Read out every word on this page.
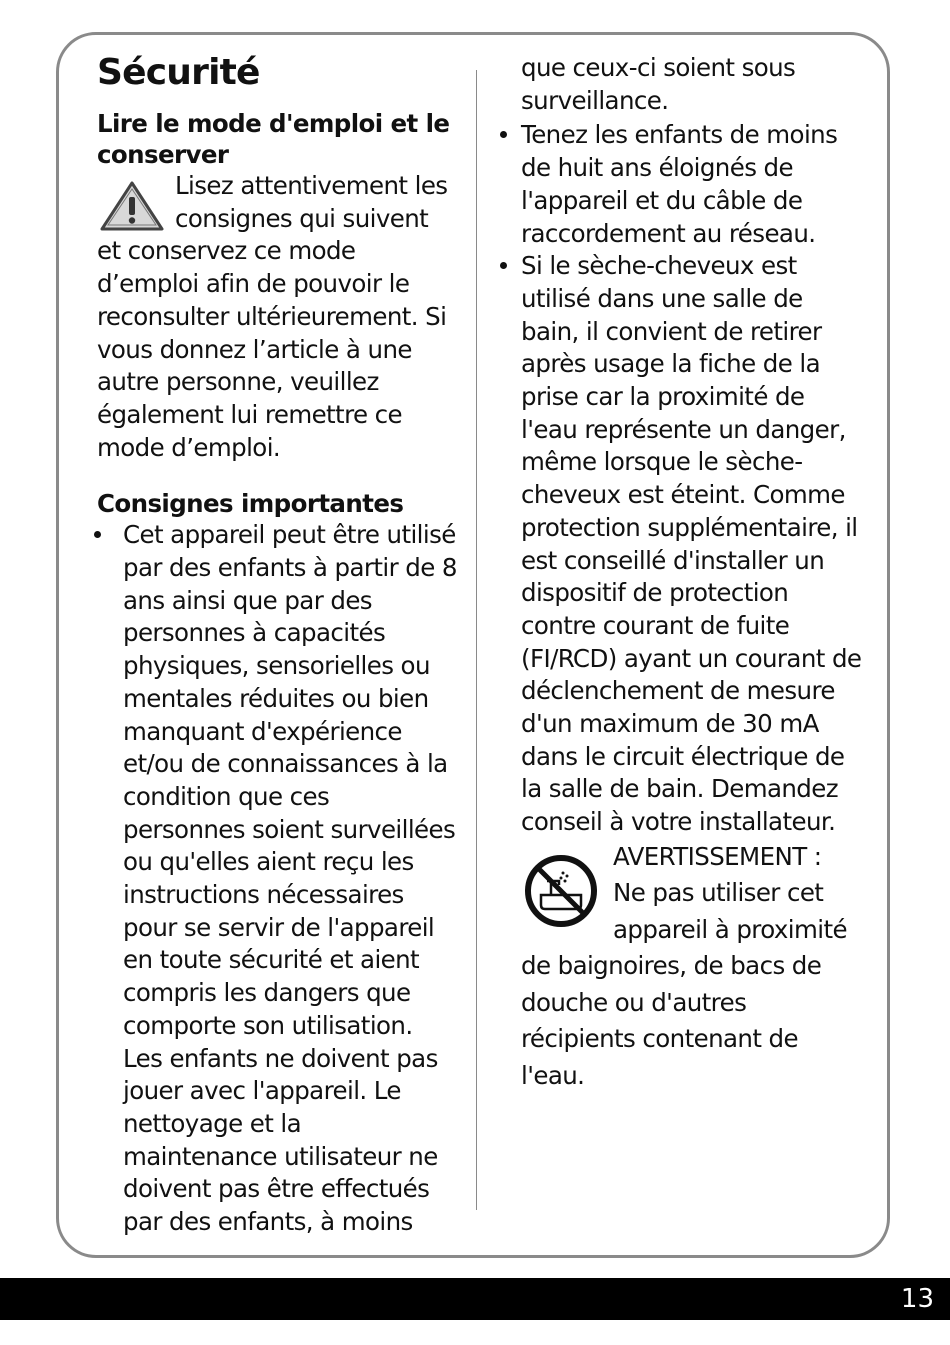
Sécurité
Lire le mode d'emploi et le conserver

Lisez attentivement les consignes qui suivent et conservez ce mode d’emploi afin de pouvoir le reconsulter ultérieurement. Si vous donnez l’article à une autre personne, veuillez également lui remettre ce mode d’emploi.

Consignes importantes
Cet appareil peut être utilisé par des enfants à partir de 8 ans ainsi que par des personnes à capacités physiques, sensorielles ou mentales réduites ou bien manquant d'expérience et/ou de connaissances à la condition que ces personnes soient surveillées ou qu'elles aient reçu les instructions nécessaires pour se servir de l'appareil en toute sécurité et aient compris les dangers que comporte son utilisation. Les enfants ne doivent pas jouer avec l'appareil. Le nettoyage et la maintenance utilisateur ne doivent pas être effectués par des enfants, à moins

que ceux-ci soient sous surveillance.

Tenez les enfants de moins de huit ans éloignés de l'appareil et du câble de raccordement au réseau.
Si le sèche-cheveux est utilisé dans une salle de bain, il convient de retirer après usage la fiche de la prise car la proximité de l'eau représente un danger, même lorsque le sèche-cheveux est éteint. Comme protection supplémentaire, il est conseillé d'installer un dispositif de protection contre courant de fuite (FI/RCD) ayant un courant de déclenchement de mesure d'un maximum de 30 mA dans le circuit électrique de la salle de bain. Demandez conseil à votre installateur.
AVERTISSEMENT :
Ne pas utiliser cet appareil à proximité de baignoires, de bacs de douche ou d'autres récipients contenant de l'eau.
13
